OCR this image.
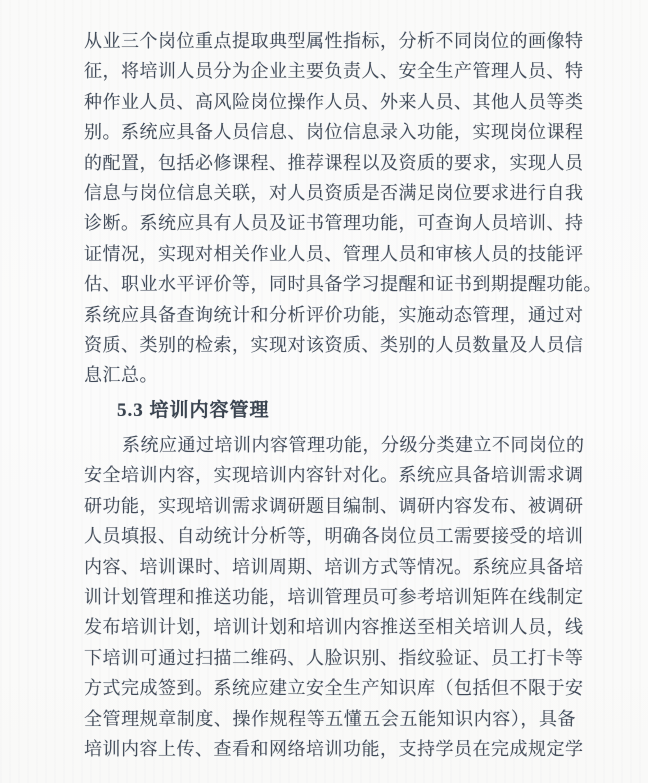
从业三个岗位重点提取典型属性指标，分析不同岗位的画像特
征，将培训人员分为企业主要负责人、安全生产管理人员、特
种作业人员、高风险岗位操作人员、外来人员、其他人员等类
别。系统应具备人员信息、岗位信息录入功能，实现岗位课程
的配置，包括必修课程、推荐课程以及资质的要求，实现人员
信息与岗位信息关联，对人员资质是否满足岗位要求进行自我
诊断。系统应具有人员及证书管理功能，可查询人员培训、持
证情况，实现对相关作业人员、管理人员和审核人员的技能评
估、职业水平评价等，同时具备学习提醒和证书到期提醒功能。
系统应具备查询统计和分析评价功能，实施动态管理，通过对
资质、类别的检索，实现对该资质、类别的人员数量及人员信
息汇总。
5.3 培训内容管理
系统应通过培训内容管理功能，分级分类建立不同岗位的
安全培训内容，实现培训内容针对化。系统应具备培训需求调
研功能，实现培训需求调研题目编制、调研内容发布、被调研
人员填报、自动统计分析等，明确各岗位员工需要接受的培训
内容、培训课时、培训周期、培训方式等情况。系统应具备培
训计划管理和推送功能，培训管理员可参考培训矩阵在线制定
发布培训计划，培训计划和培训内容推送至相关培训人员，线
下培训可通过扫描二维码、人脸识别、指纹验证、员工打卡等
方式完成签到。系统应建立安全生产知识库（包括但不限于安
全管理规章制度、操作规程等五懂五会五能知识内容），具备
培训内容上传、查看和网络培训功能，支持学员在完成规定学
